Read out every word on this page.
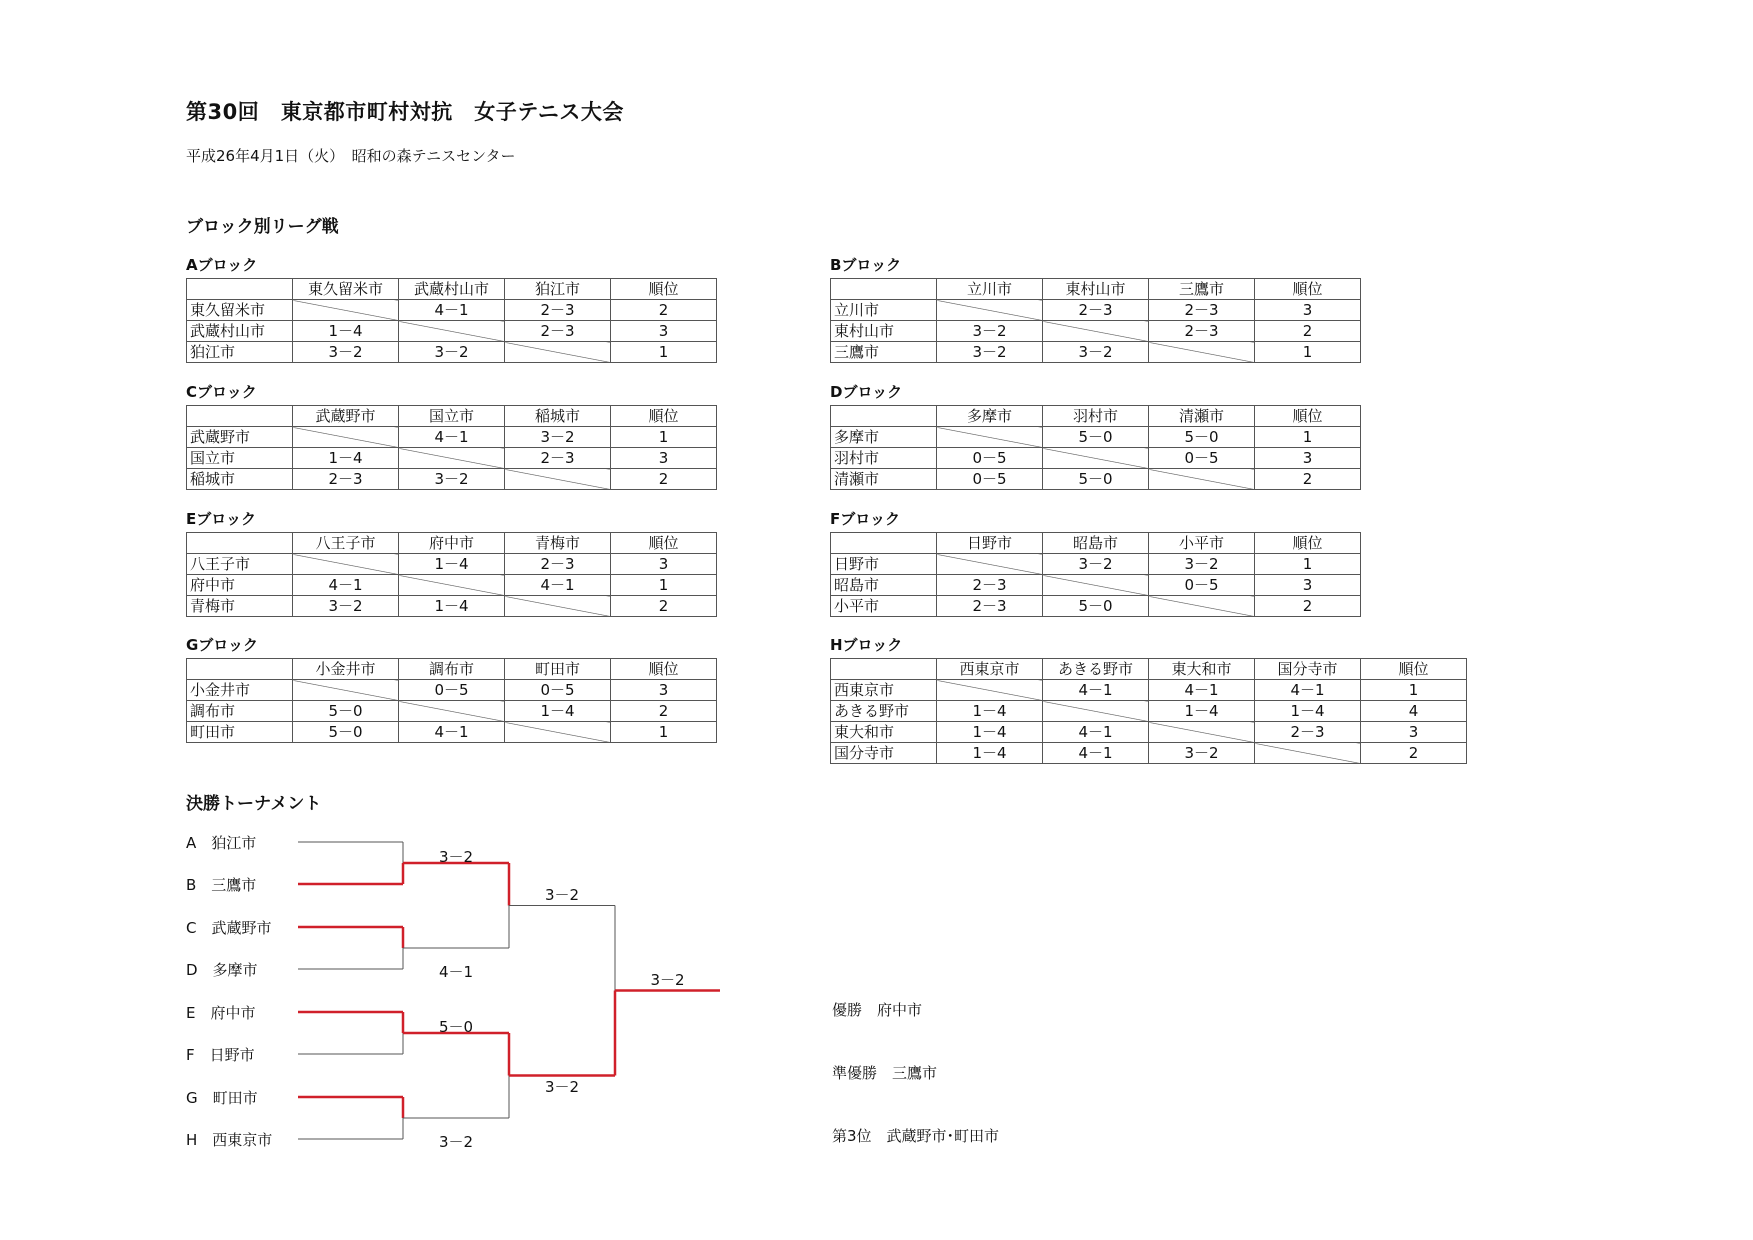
第30回　東京都市町村対抗　女子テニス大会
平成26年4月1日（火）　昭和の森テニスセンター
ブロック別リーグ戦
Aブロック
	東久留米市	武蔵村山市	狛江市	順位
東久留米市		4－1	2－3	2
武蔵村山市	1－4		2－3	3
狛江市	3－2	3－2		1
Bブロック
	立川市	東村山市	三鷹市	順位
立川市		2－3	2－3	3
東村山市	3－2		2－3	2
三鷹市	3－2	3－2		1
Cブロック
	武蔵野市	国立市	稲城市	順位
武蔵野市		4－1	3－2	1
国立市	1－4		2－3	3
稲城市	2－3	3－2		2
Dブロック
	多摩市	羽村市	清瀬市	順位
多摩市		5－0	5－0	1
羽村市	0－5		0－5	3
清瀬市	0－5	5－0		2
Eブロック
	八王子市	府中市	青梅市	順位
八王子市		1－4	2－3	3
府中市	4－1		4－1	1
青梅市	3－2	1－4		2
Fブロック
	日野市	昭島市	小平市	順位
日野市		3－2	3－2	1
昭島市	2－3		0－5	3
小平市	2－3	5－0		2
Gブロック
	小金井市	調布市	町田市	順位
小金井市		0－5	0－5	3
調布市	5－0		1－4	2
町田市	5－0	4－1		1
Hブロック
	西東京市	あきる野市	東大和市	国分寺市	順位
西東京市		4－1	4－1	4－1	1
あきる野市	1－4		1－4	1－4	4
東大和市	1－4	4－1		2－3	3
国分寺市	1－4	4－1	3－2		2
決勝トーナメント
A　狛江市
B　三鷹市
C　武蔵野市
D　多摩市
E　府中市
F　日野市
G　町田市
H　西東京市
3－2
4－1
5－0
3－2
3－2
3－2
3－2

優勝　府中市

準優勝　三鷹市

第3位　武蔵野市･町田市
